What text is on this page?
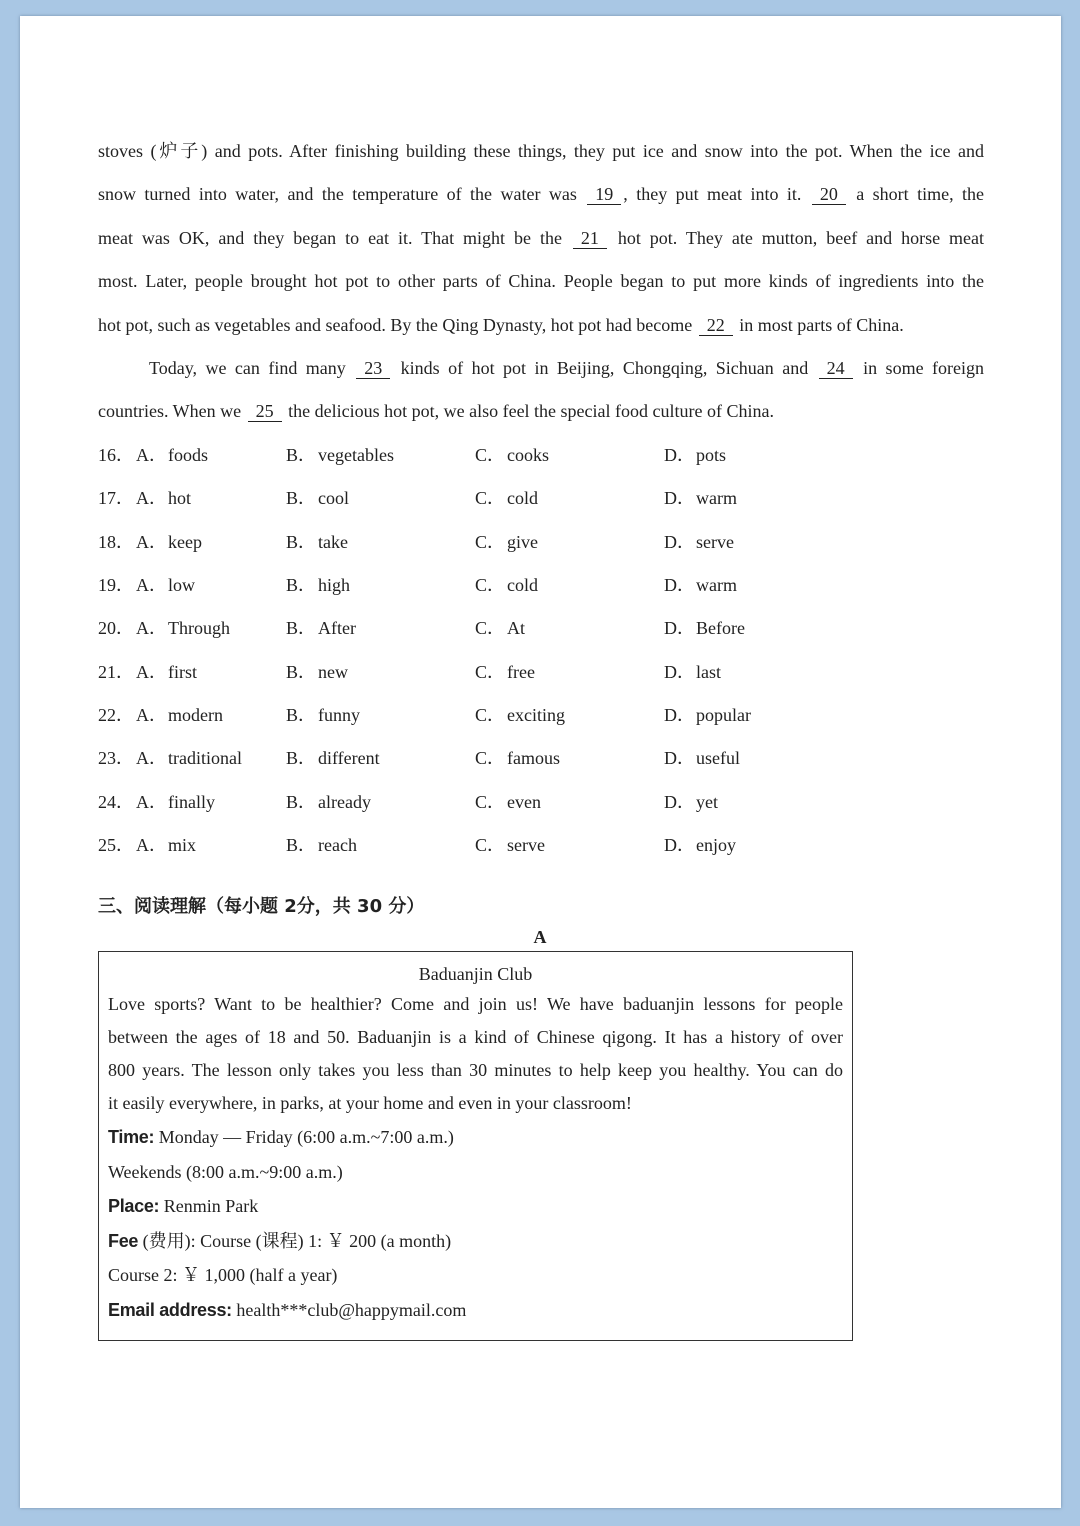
stoves (炉子) and pots. After finishing building these things, they put ice and snow into the pot. When the ice and
snow turned into water, and the temperature of the water was 19 , they put meat into it. 20 a short time, the
meat was OK, and they began to eat it. That might be the 21 hot pot. They ate mutton, beef and horse meat
most. Later, people brought hot pot to other parts of China. People began to put more kinds of ingredients into the
hot pot, such as vegetables and seafood. By the Qing Dynasty, hot pot had become 22 in most parts of China.
Today, we can find many 23 kinds of hot pot in Beijing, Chongqing, Sichuan and 24 in some foreign
countries. When we 25 the delicious hot pot, we also feel the special food culture of China.
16． A．foods	B． vegetables	C． cooks	D．pots
17． A．hot	B． cool	C． cold	D．warm
18． A．keep	B． take	C． give	D．serve
19． A．low	B． high	C． cold	D．warm
20． A．Through	B． After	C． At	D．Before
21． A．first	B． new	C． free	D．last
22． A．modern	B． funny	C． exciting	D．popular
23． A．traditional B． different	C． famous	D．useful
24． A．finally	B． already	C． even	D．yet
25． A．mix	B． reach	C． serve	D．enjoy
三、阅读理解（每小题 2分，共 30 分）
A
Baduanjin Club
Love sports? Want to be healthier? Come and join us! We have baduanjin lessons for people
between the ages of 18 and 50. Baduanjin is a kind of Chinese qigong. It has a history of over
800 years. The lesson only takes you less than 30 minutes to help keep you healthy. You can do
it easily everywhere, in parks, at your home and even in your classroom!
Time: Monday — Friday (6:00 a.m.~7:00 a.m.)
Weekends (8:00 a.m.~9:00 a.m.)
Place: Renmin Park
Fee (费用): Course (课程) 1: ￥ 200 (a month)
Course 2: ￥ 1,000 (half a year)
Email address: health***club@happymail.com
